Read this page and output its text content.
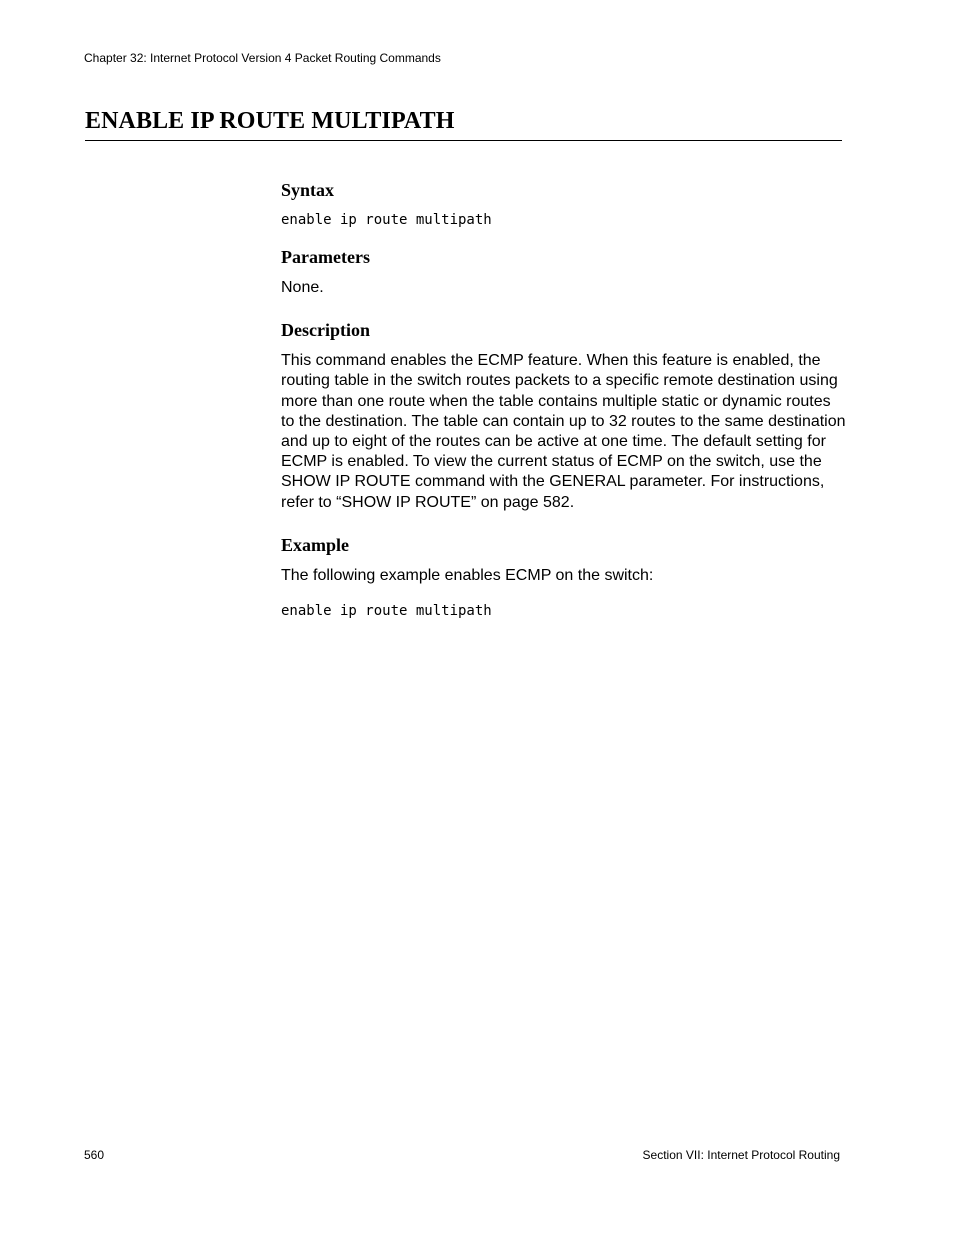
Chapter 32: Internet Protocol Version 4 Packet Routing Commands
ENABLE IP ROUTE MULTIPATH
Syntax
enable ip route multipath
Parameters

None.

Description

This command enables the ECMP feature. When this feature is enabled, the routing table in the switch routes packets to a specific remote destination using more than one route when the table contains multiple static or dynamic routes to the destination. The table can contain up to 32 routes to the same destination and up to eight of the routes can be active at one time. The default setting for ECMP is enabled. To view the current status of ECMP on the switch, use the SHOW IP ROUTE command with the GENERAL parameter. For instructions, refer to “SHOW IP ROUTE” on page 582.

Example

The following example enables ECMP on the switch:

enable ip route multipath
560	Section VII: Internet Protocol Routing
